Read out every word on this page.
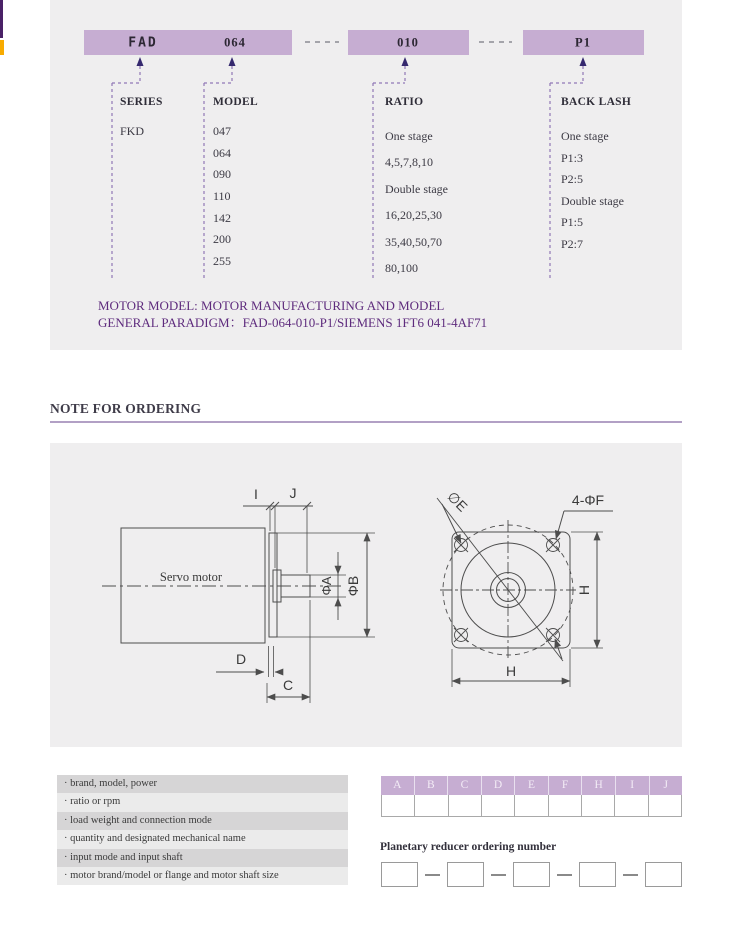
FAD	064	010	P1
SERIES
FKD
MODEL
047
064
090
110
142
200
255
RATIO
One stage
4,5,7,8,10
Double stage
16,20,25,30
35,40,50,70
80,100
BACK LASH
One stage
P1:3
P2:5
Double stage
P1:5
P2:7
MOTOR MODEL: MOTOR MANUFACTURING AND MODEL
GENERAL PARADIGM：FAD-064-010-P1/SIEMENS 1FT6 041-4AF71
NOTE FOR ORDERING
Servo motor
I J
ΦA ΦB
D
C
∅E	4-ΦF
H
H
· brand, model, power
· ratio or rpm
· load weight and connection mode
· quantity and designated mechanical name
· input mode and input shaft
· motor brand/model or flange and motor shaft size
A	B	C	D	E	F	H	I	J
Planetary reducer ordering number
